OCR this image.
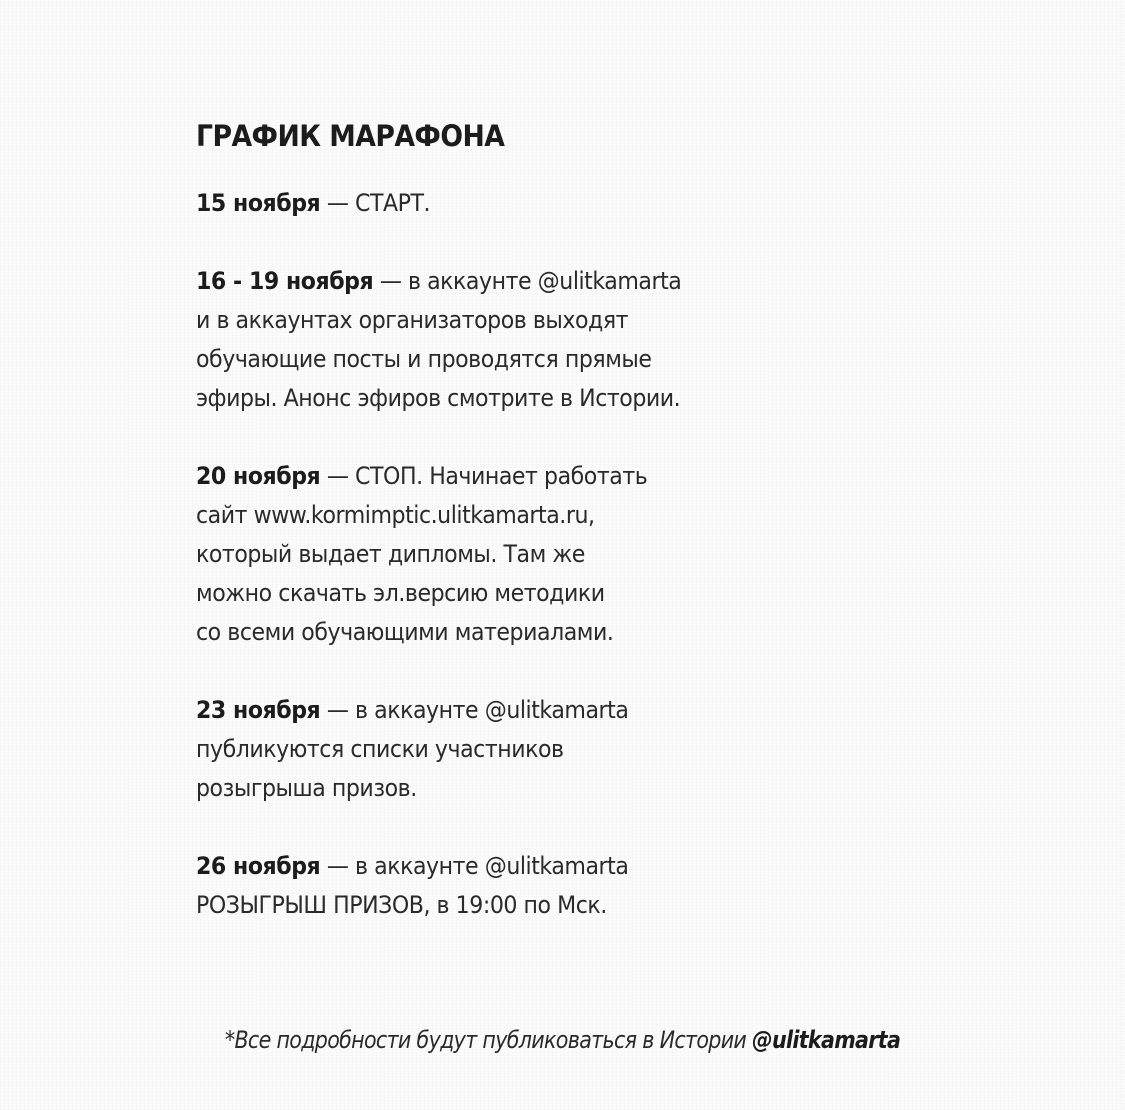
ГРАФИК МАРАФОНА

15 ноября — СТАРТ.

16 - 19 ноября — в аккаунте @ulitkamarta
и в аккаунтах организаторов выходят
обучающие посты и проводятся прямые
эфиры. Анонс эфиров смотрите в Истории.

20 ноября — СТОП. Начинает работать
сайт www.kormimptic.ulitkamarta.ru,
который выдает дипломы. Там же
можно скачать эл.версию методики
со всеми обучающими материалами.

23 ноября — в аккаунте @ulitkamarta
публикуются списки участников
розыгрыша призов.

26 ноября — в аккаунте @ulitkamarta
РОЗЫГРЫШ ПРИЗОВ, в 19:00 по Мск.

*Все подробности будут публиковаться в Истории @ulitkamarta
